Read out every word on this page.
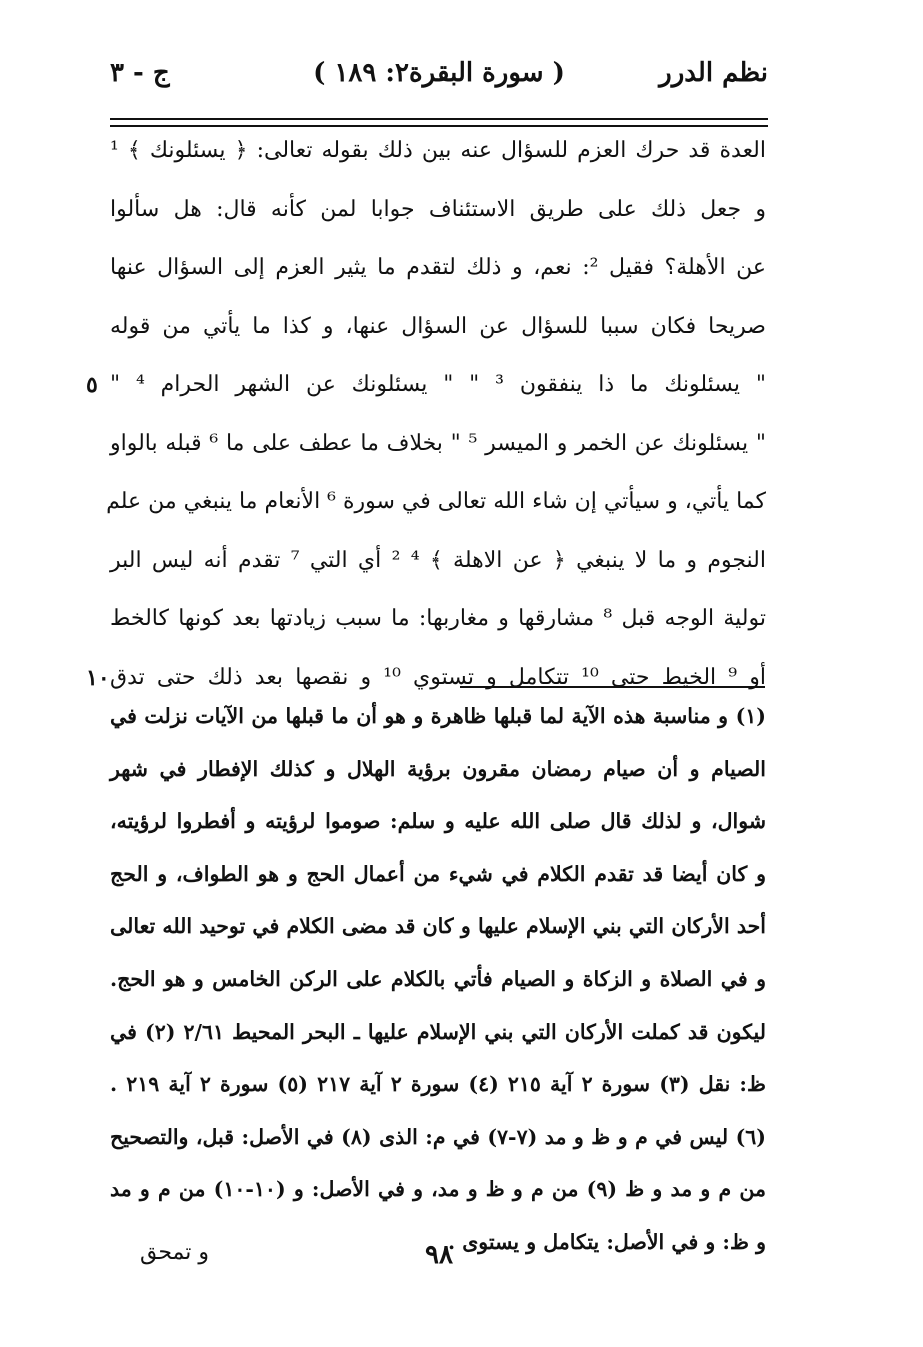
نظم الدرر
( سورة البقرة۲: ۱۸۹ )
ج - ۳
العدة قد حرك العزم للسؤال عنه بين ذلك بقوله تعالى: ﴿ يسئلونك ﴾ ¹
و جعل ذلك على طريق الاستئناف جوابا لمن كأنه قال: هل سألوا
عن الأهلة؟ فقيل ²: نعم، و ذلك لتقدم ما يثير العزم إلى السؤال عنها
صريحا فكان سببا للسؤال عن السؤال عنها، و كذا ما يأتي من قوله
" يسئلونك ما ذا ينفقون ³ " " يسئلونك عن الشهر الحرام ⁴ "
٥
" يسئلونك عن الخمر و الميسر ⁵ " بخلاف ما عطف على ما ⁶ قبله بالواو
كما يأتي، و سيأتي إن شاء الله تعالى في سورة ⁶ الأنعام ما ينبغي من علم
النجوم و ما لا ينبغي ﴿ عن الاهلة ﴾ ⁴ ² أي التي ⁷ تقدم أنه ليس البر
تولية الوجه قبل ⁸ مشارقها و مغاربها: ما سبب زيادتها بعد كونها كالخط
أو ⁹ الخيط حتى ¹⁰ تتكامل و تستوي ¹⁰ و نقصها بعد ذلك حتى تدق
١٠
(١) و مناسبة هذه الآية لما قبلها ظاهرة و هو أن ما قبلها من الآيات نزلت في
الصيام و أن صيام رمضان مقرون برؤية الهلال و كذلك الإفطار في شهر
شوال، و لذلك قال صلى الله عليه و سلم: صوموا لرؤيته و أفطروا لرؤيته،
و كان أيضا قد تقدم الكلام في شيء من أعمال الحج و هو الطواف، و الحج
أحد الأركان التي بني الإسلام عليها و كان قد مضى الكلام في توحيد الله تعالى
و في الصلاة و الزكاة و الصيام فأتي بالكلام على الركن الخامس و هو الحج.
ليكون قد كملت الأركان التي بني الإسلام عليها ـ البحر المحيط ٢/٦١ (٢) في
ظ: نقل (٣) سورة ٢ آية ٢١٥ (٤) سورة ٢ آية ٢١٧ (٥) سورة ٢ آية ٢١٩ .
(٦) ليس في م و ظ و مد (٧-٧) في م: الذى (٨) في الأصل: قبل، والتصحيح
من م و مد و ظ (٩) من م و ظ و مد، و في الأصل: و (١٠-١٠) من م و مد
و ظ: و في الأصل: يتكامل و يستوى .
٩٨
و تمحق
